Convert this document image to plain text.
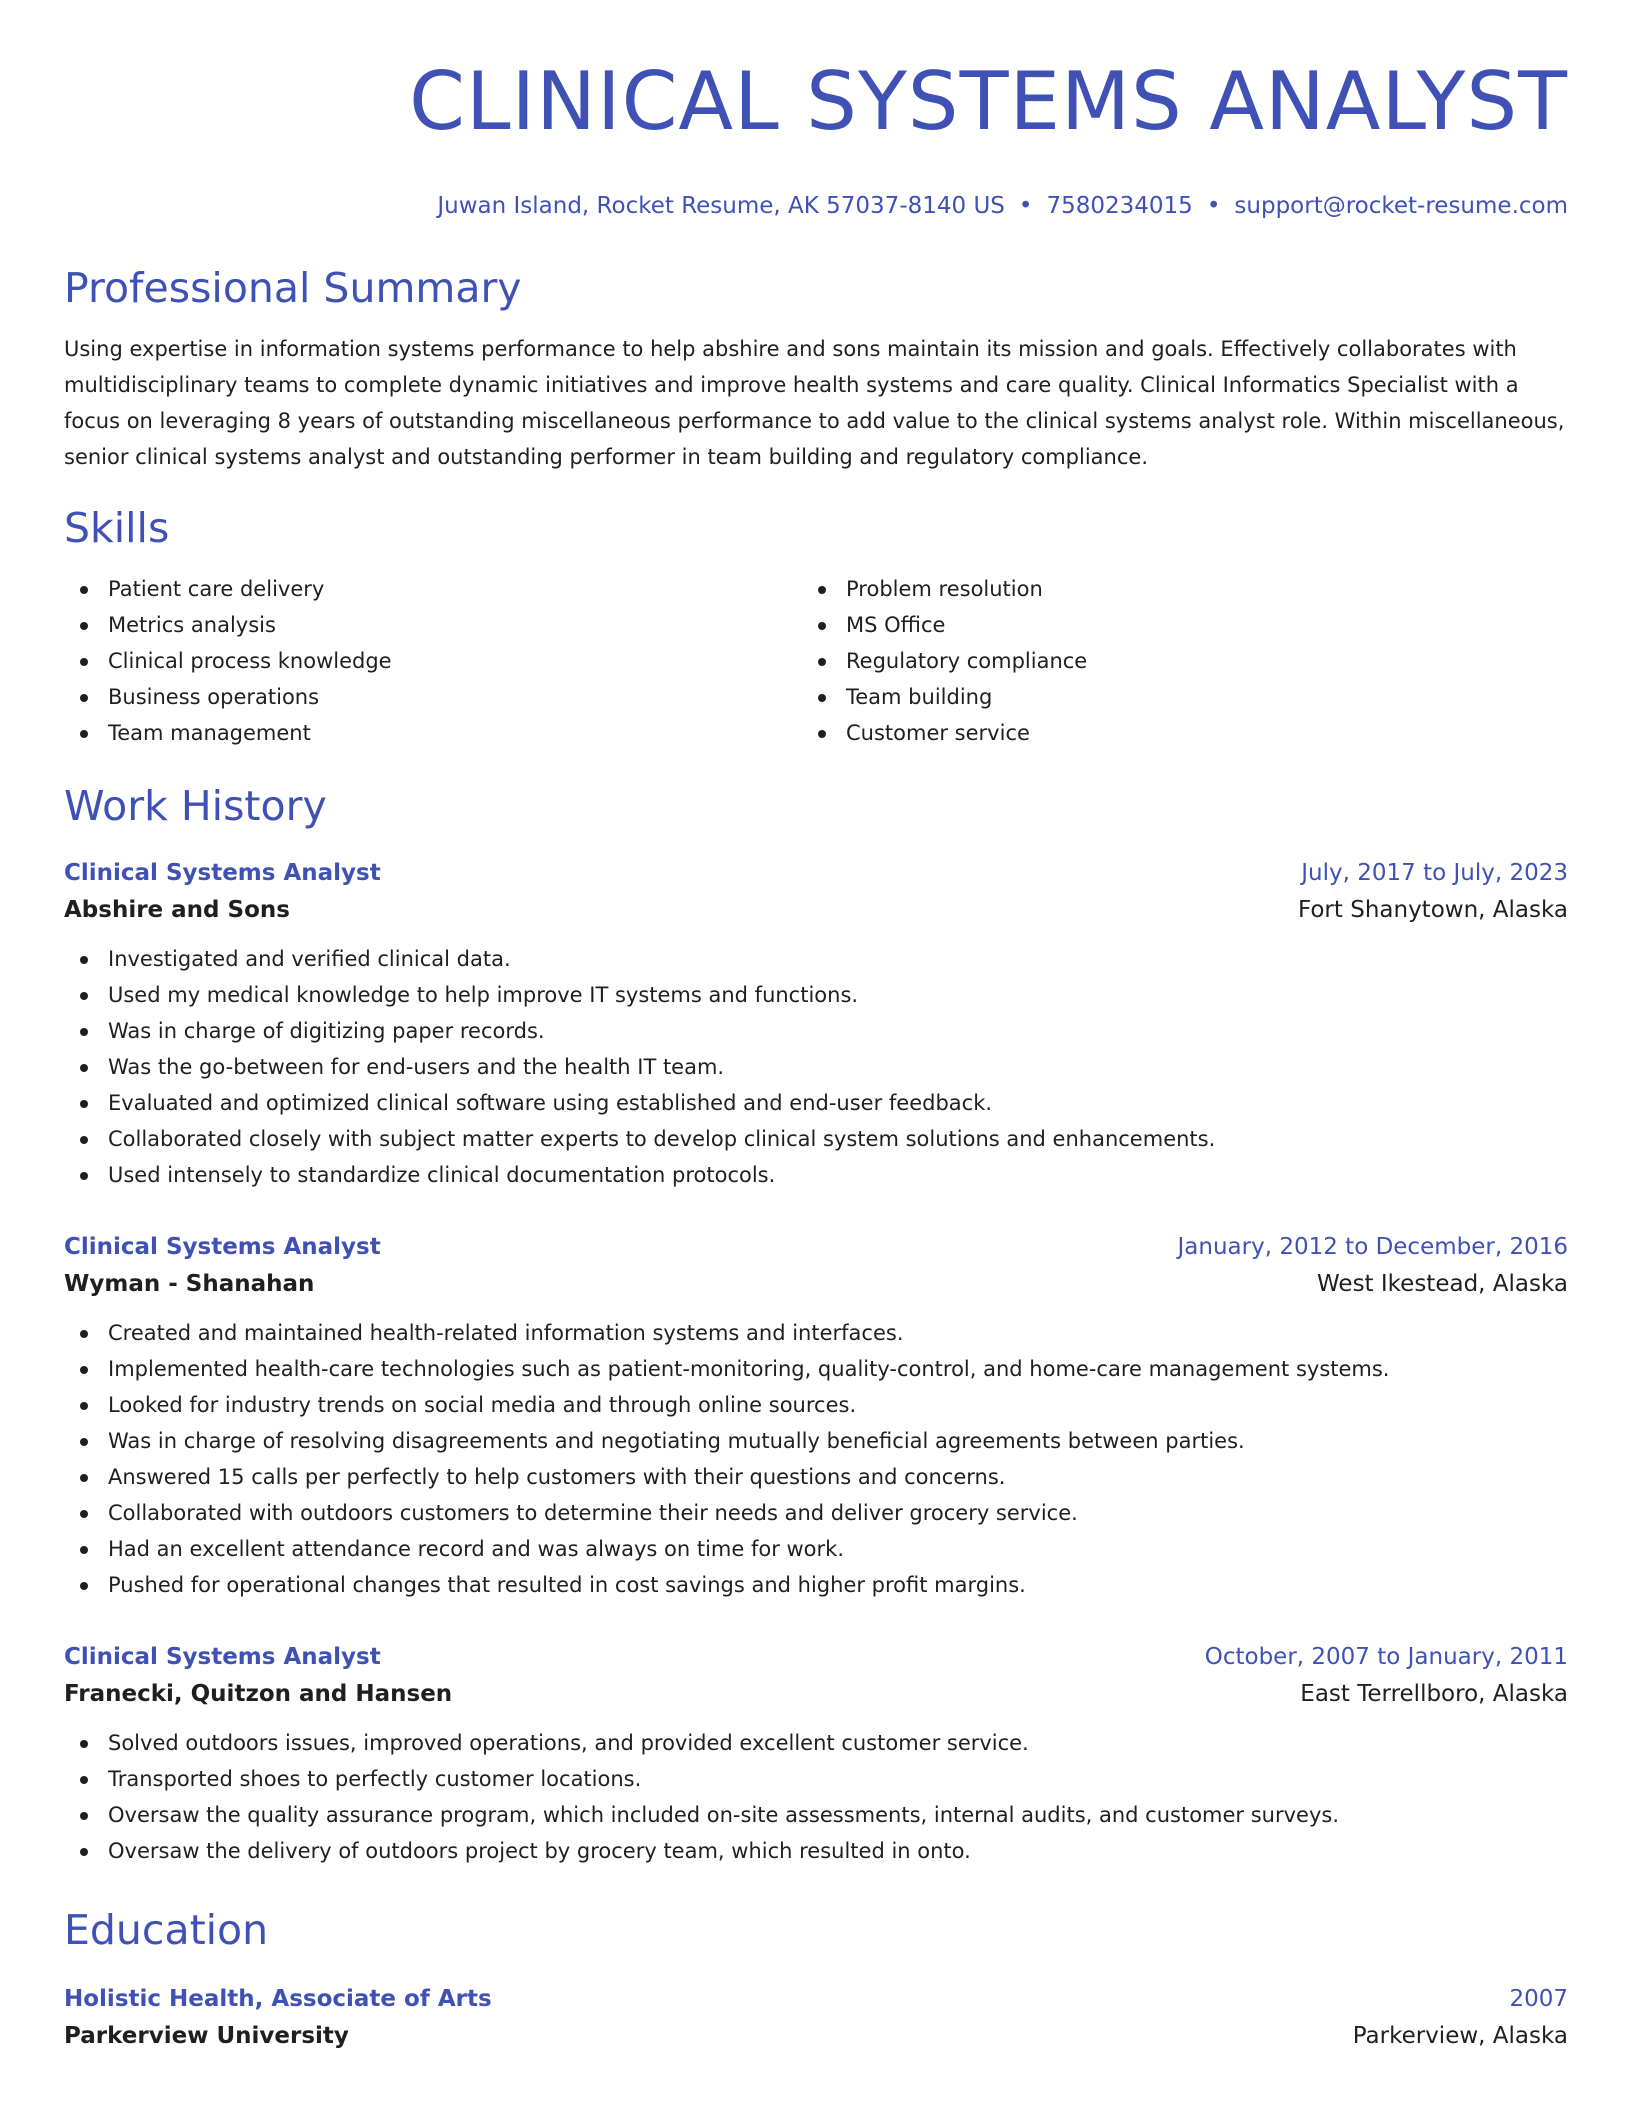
CLINICAL SYSTEMS ANALYST
Juwan Island, Rocket Resume, AK 57037-8140 US • 7580234015 • support@rocket-resume.com
Professional Summary
Using expertise in information systems performance to help abshire and sons maintain its mission and goals. Effectively collaborates with multidisciplinary teams to complete dynamic initiatives and improve health systems and care quality. Clinical Informatics Specialist with a focus on leveraging 8 years of outstanding miscellaneous performance to add value to the clinical systems analyst role. Within miscellaneous, senior clinical systems analyst and outstanding performer in team building and regulatory compliance.
Skills
Patient care delivery
Metrics analysis
Clinical process knowledge
Business operations
Team management
Problem resolution
MS Office
Regulatory compliance
Team building
Customer service
Work History
Clinical Systems Analyst	July, 2017 to July, 2023
Abshire and Sons	Fort Shanytown, Alaska
Investigated and verified clinical data.
Used my medical knowledge to help improve IT systems and functions.
Was in charge of digitizing paper records.
Was the go-between for end-users and the health IT team.
Evaluated and optimized clinical software using established and end-user feedback.
Collaborated closely with subject matter experts to develop clinical system solutions and enhancements.
Used intensely to standardize clinical documentation protocols.
Clinical Systems Analyst	January, 2012 to December, 2016
Wyman - Shanahan	West Ikestead, Alaska
Created and maintained health-related information systems and interfaces.
Implemented health-care technologies such as patient-monitoring, quality-control, and home-care management systems.
Looked for industry trends on social media and through online sources.
Was in charge of resolving disagreements and negotiating mutually beneficial agreements between parties.
Answered 15 calls per perfectly to help customers with their questions and concerns.
Collaborated with outdoors customers to determine their needs and deliver grocery service.
Had an excellent attendance record and was always on time for work.
Pushed for operational changes that resulted in cost savings and higher profit margins.
Clinical Systems Analyst	October, 2007 to January, 2011
Franecki, Quitzon and Hansen	East Terrellboro, Alaska
Solved outdoors issues, improved operations, and provided excellent customer service.
Transported shoes to perfectly customer locations.
Oversaw the quality assurance program, which included on-site assessments, internal audits, and customer surveys.
Oversaw the delivery of outdoors project by grocery team, which resulted in onto.
Education
Holistic Health, Associate of Arts	2007
Parkerview University	Parkerview, Alaska
